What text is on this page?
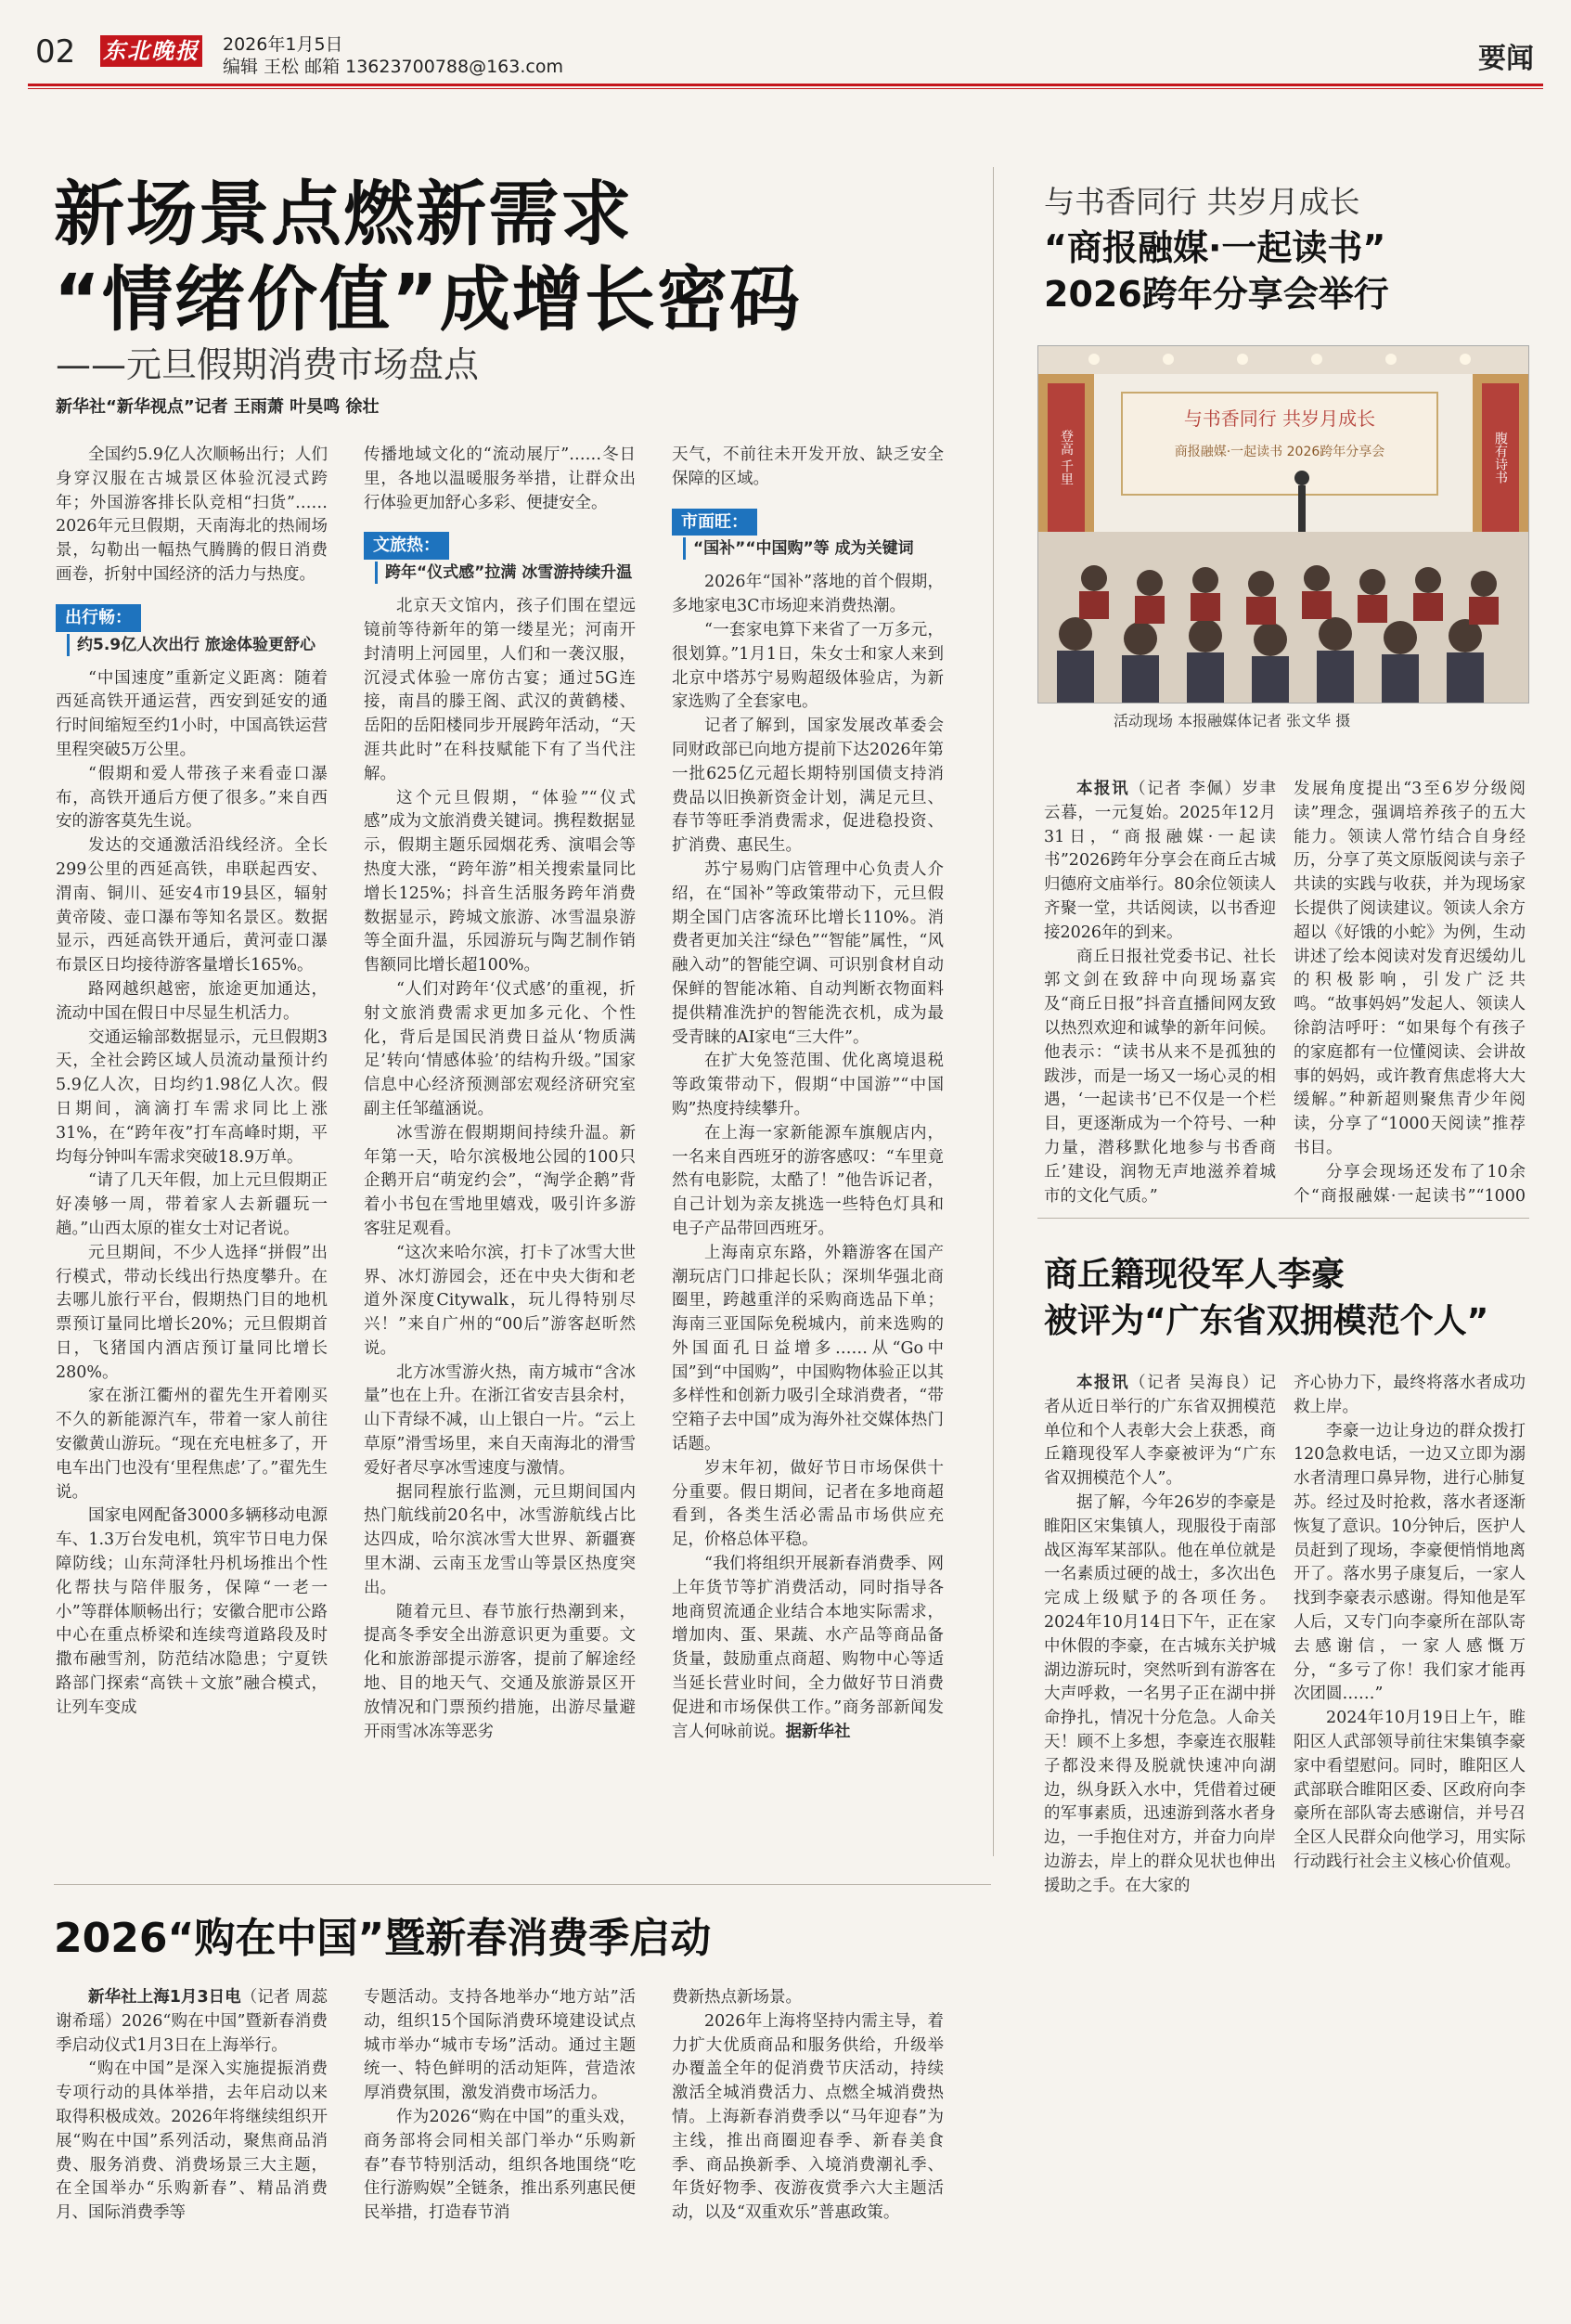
02 东北晚报 2026年1月5日
编辑 王松 邮箱 13623700788@163.com	要闻
新场景点燃新需求
“情绪价值”成增长密码
——元旦假期消费市场盘点
新华社“新华视点”记者 王雨萧 叶昊鸣 徐壮

全国约5.9亿人次顺畅出行；人们身穿汉服在古城景区体验沉浸式跨年；外国游客排长队竞相“扫货”……2026年元旦假期，天南海北的热闹场景，勾勒出一幅热气腾腾的假日消费画卷，折射中国经济的活力与热度。

出行畅：
约5.9亿人次出行 旅途体验更舒心

“中国速度”重新定义距离：随着西延高铁开通运营，西安到延安的通行时间缩短至约1小时，中国高铁运营里程突破5万公里。

“假期和爱人带孩子来看壶口瀑布，高铁开通后方便了很多。”来自西安的游客莫先生说。

发达的交通激活沿线经济。全长299公里的西延高铁，串联起西安、渭南、铜川、延安4市19县区，辐射黄帝陵、壶口瀑布等知名景区。数据显示，西延高铁开通后，黄河壶口瀑布景区日均接待游客量增长165%。

路网越织越密，旅途更加通达，流动中国在假日中尽显生机活力。

交通运输部数据显示，元旦假期3天，全社会跨区域人员流动量预计约5.9亿人次，日均约1.98亿人次。假日期间，滴滴打车需求同比上涨31%，在“跨年夜”打车高峰时期，平均每分钟叫车需求突破18.9万单。

“请了几天年假，加上元旦假期正好凑够一周，带着家人去新疆玩一趟。”山西太原的崔女士对记者说。

元旦期间，不少人选择“拼假”出行模式，带动长线出行热度攀升。在去哪儿旅行平台，假期热门目的地机票预订量同比增长20%；元旦假期首日，飞猪国内酒店预订量同比增长280%。

家在浙江衢州的翟先生开着刚买不久的新能源汽车，带着一家人前往安徽黄山游玩。“现在充电桩多了，开电车出门也没有‘里程焦虑’了。”翟先生说。

国家电网配备3000多辆移动电源车、1.3万台发电机，筑牢节日电力保障防线；山东菏泽牡丹机场推出个性化帮扶与陪伴服务，保障“一老一小”等群体顺畅出行；安徽合肥市公路中心在重点桥梁和连续弯道路段及时撒布融雪剂，防范结冰隐患；宁夏铁路部门探索“高铁＋文旅”融合模式，让列车变成

传播地域文化的“流动展厅”……冬日里，各地以温暖服务举措，让群众出行体验更加舒心多彩、便捷安全。

文旅热：
跨年“仪式感”拉满 冰雪游持续升温

北京天文馆内，孩子们围在望远镜前等待新年的第一缕星光；河南开封清明上河园里，人们和一袭汉服，沉浸式体验一席仿古宴；通过5G连接，南昌的滕王阁、武汉的黄鹤楼、岳阳的岳阳楼同步开展跨年活动，“天涯共此时”在科技赋能下有了当代注解。

这个元旦假期，“体验”“仪式感”成为文旅消费关键词。携程数据显示，假期主题乐园烟花秀、演唱会等热度大涨，“跨年游”相关搜索量同比增长125%；抖音生活服务跨年消费数据显示，跨城文旅游、冰雪温泉游等全面升温，乐园游玩与陶艺制作销售额同比增长超100%。

“人们对跨年‘仪式感’的重视，折射文旅消费需求更加多元化、个性化，背后是国民消费日益从‘物质满足’转向‘情感体验’的结构升级。”国家信息中心经济预测部宏观经济研究室副主任邹蕴涵说。

冰雪游在假期期间持续升温。新年第一天，哈尔滨极地公园的100只企鹅开启“萌宠约会”，“淘学企鹅”背着小书包在雪地里嬉戏，吸引许多游客驻足观看。

“这次来哈尔滨，打卡了冰雪大世界、冰灯游园会，还在中央大街和老道外深度Citywalk，玩儿得特别尽兴！”来自广州的“00后”游客赵昕然说。

北方冰雪游火热，南方城市“含冰量”也在上升。在浙江省安吉县余村，山下青绿不减，山上银白一片。“云上草原”滑雪场里，来自天南海北的滑雪爱好者尽享冰雪速度与激情。

据同程旅行监测，元旦期间国内热门航线前20名中，冰雪游航线占比达四成，哈尔滨冰雪大世界、新疆赛里木湖、云南玉龙雪山等景区热度突出。

随着元旦、春节旅行热潮到来，提高冬季安全出游意识更为重要。文化和旅游部提示游客，提前了解途经地、目的地天气、交通及旅游景区开放情况和门票预约措施，出游尽量避开雨雪冰冻等恶劣

天气，不前往未开发开放、缺乏安全保障的区域。

市面旺：
“国补”“中国购”等 成为关键词

2026年“国补”落地的首个假期，多地家电3C市场迎来消费热潮。

“一套家电算下来省了一万多元，很划算。”1月1日，朱女士和家人来到北京中塔苏宁易购超级体验店，为新家选购了全套家电。

记者了解到，国家发展改革委会同财政部已向地方提前下达2026年第一批625亿元超长期特别国债支持消费品以旧换新资金计划，满足元旦、春节等旺季消费需求，促进稳投资、扩消费、惠民生。

苏宁易购门店管理中心负责人介绍，在“国补”等政策带动下，元旦假期全国门店客流环比增长110%。消费者更加关注“绿色”“智能”属性，“风融入动”的智能空调、可识别食材自动保鲜的智能冰箱、自动判断衣物面料提供精准洗护的智能洗衣机，成为最受青睐的AI家电“三大件”。

在扩大免签范围、优化离境退税等政策带动下，假期“中国游”“中国购”热度持续攀升。

在上海一家新能源车旗舰店内，一名来自西班牙的游客感叹：“车里竟然有电影院，太酷了！”他告诉记者，自己计划为亲友挑选一些特色灯具和电子产品带回西班牙。

上海南京东路，外籍游客在国产潮玩店门口排起长队；深圳华强北商圈里，跨越重洋的采购商选品下单；海南三亚国际免税城内，前来选购的外国面孔日益增多……从“Go中国”到“中国购”，中国购物体验正以其多样性和创新力吸引全球消费者，“带空箱子去中国”成为海外社交媒体热门话题。

岁末年初，做好节日市场保供十分重要。假日期间，记者在多地商超看到，各类生活必需品市场供应充足，价格总体平稳。

“我们将组织开展新春消费季、网上年货节等扩消费活动，同时指导各地商贸流通企业结合本地实际需求，增加肉、蛋、果蔬、水产品等商品备货量，鼓励重点商超、购物中心等适当延长营业时间，全力做好节日消费促进和市场保供工作。”商务部新闻发言人何咏前说。据新华社

与书香同行 共岁月成长
“商报融媒·一起读书”
2026跨年分享会举行
登高 千里	腹有诗书
与书香同行 共岁月成长
商报融媒·一起读书 2026跨年分享会
活动现场 本报融媒体记者 张文华 摄

本报讯（记者 李佩）岁聿云暮，一元复始。2025年12月31日，“商报融媒·一起读书”2026跨年分享会在商丘古城归德府文庙举行。80余位领读人齐聚一堂，共话阅读，以书香迎接2026年的到来。

商丘日报社党委书记、社长郭文剑在致辞中向现场嘉宾及“商丘日报”抖音直播间网友致以热烈欢迎和诚挚的新年问候。他表示：“读书从来不是孤独的跋涉，而是一场又一场心灵的相遇，‘一起读书’已不仅是一个栏目，更逐渐成为一个符号、一种力量，潜移默化地参与书香商丘’建设，润物无声地滋养着城市的文化气质。”

发展角度提出“3至6岁分级阅读”理念，强调培养孩子的五大能力。领读人常竹结合自身经历，分享了英文原版阅读与亲子共读的实践与收获，并为现场家长提供了阅读建议。领读人余方超以《好饿的小蛇》为例，生动讲述了绘本阅读对发育迟缓幼儿的积极影响，引发广泛共鸣。“故事妈妈”发起人、领读人徐韵洁呼吁：“如果每个有孩子的家庭都有一位懂阅读、会讲故事的妈妈，或许教育焦虑将大大缓解。”种新超则聚焦青少年阅读，分享了“1000天阅读”推荐书目。

分享会现场还发布了10余个“商报融媒·一起读书”“1000

商丘籍现役军人李豪
被评为“广东省双拥模范个人”

本报讯（记者 吴海良）记者从近日举行的广东省双拥模范单位和个人表彰大会上获悉，商丘籍现役军人李豪被评为“广东省双拥模范个人”。

据了解，今年26岁的李豪是睢阳区宋集镇人，现服役于南部战区海军某部队。他在单位就是一名素质过硬的战士，多次出色完成上级赋予的各项任务。2024年10月14日下午，正在家中休假的李豪，在古城东关护城湖边游玩时，突然听到有游客在大声呼救，一名男子正在湖中拼命挣扎，情况十分危急。人命关天！顾不上多想，李豪连衣服鞋子都没来得及脱就快速冲向湖边，纵身跃入水中，凭借着过硬的军事素质，迅速游到落水者身边，一手抱住对方，并奋力向岸边游去，岸上的群众见状也伸出援助之手。在大家的

齐心协力下，最终将落水者成功救上岸。

李豪一边让身边的群众拨打120急救电话，一边又立即为溺水者清理口鼻异物，进行心肺复苏。经过及时抢救，落水者逐渐恢复了意识。10分钟后，医护人员赶到了现场，李豪便悄悄地离开了。落水男子康复后，一家人找到李豪表示感谢。得知他是军人后，又专门向李豪所在部队寄去感谢信，一家人感慨万分，“多亏了你！我们家才能再次团圆……”

2024年10月19日上午，睢阳区人武部领导前往宋集镇李豪家中看望慰问。同时，睢阳区人武部联合睢阳区委、区政府向李豪所在部队寄去感谢信，并号召全区人民群众向他学习，用实际行动践行社会主义核心价值观。

2026“购在中国”暨新春消费季启动

新华社上海1月3日电（记者 周蕊 谢希瑶）2026“购在中国”暨新春消费季启动仪式1月3日在上海举行。

“购在中国”是深入实施提振消费专项行动的具体举措，去年启动以来取得积极成效。2026年将继续组织开展“购在中国”系列活动，聚焦商品消费、服务消费、消费场景三大主题，在全国举办“乐购新春”、精品消费月、国际消费季等

专题活动。支持各地举办“地方站”活动，组织15个国际消费环境建设试点城市举办“城市专场”活动。通过主题统一、特色鲜明的活动矩阵，营造浓厚消费氛围，激发消费市场活力。

作为2026“购在中国”的重头戏，商务部将会同相关部门举办“乐购新春”春节特别活动，组织各地围绕“吃住行游购娱”全链条，推出系列惠民便民举措，打造春节消

费新热点新场景。

2026年上海将坚持内需主导，着力扩大优质商品和服务供给，升级举办覆盖全年的促消费节庆活动，持续激活全城消费活力、点燃全城消费热情。上海新春消费季以“马年迎春”为主线，推出商圈迎春季、新春美食季、商品换新季、入境消费潮礼季、年货好物季、夜游夜赏季六大主题活动，以及“双重欢乐”普惠政策。
